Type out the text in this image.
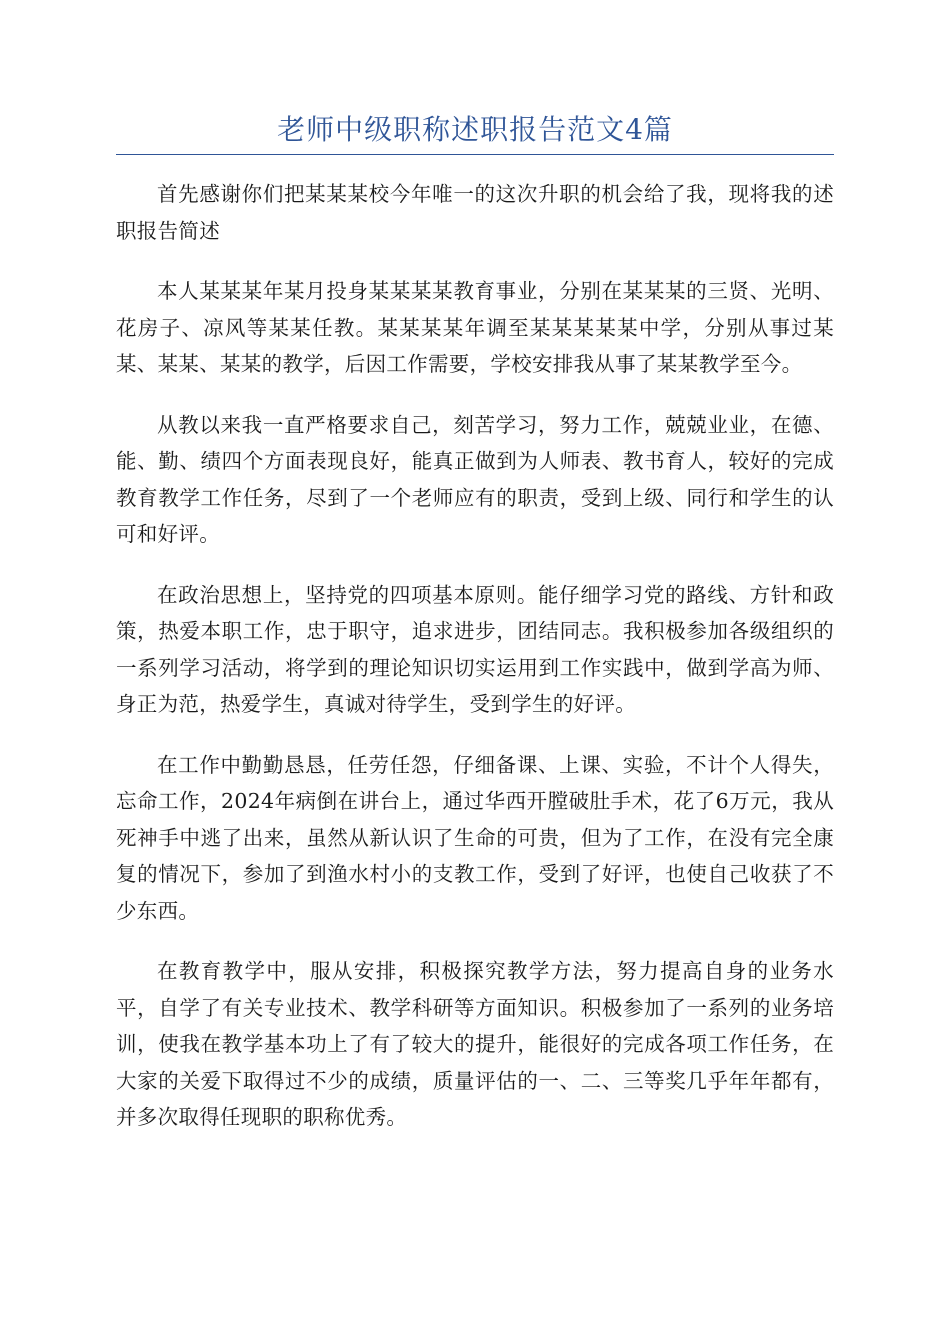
老师中级职称述职报告范文4篇

首先感谢你们把某某某校今年唯一的这次升职的机会给了我，现将我的述职报告简述

本人某某某年某月投身某某某某教育事业，分别在某某某的三贤、光明、花房子、凉风等某某任教。某某某某年调至某某某某某中学，分别从事过某某、某某、某某的教学，后因工作需要，学校安排我从事了某某教学至今。

从教以来我一直严格要求自己，刻苦学习，努力工作，兢兢业业，在德、能、勤、绩四个方面表现良好，能真正做到为人师表、教书育人，较好的完成教育教学工作任务，尽到了一个老师应有的职责，受到上级、同行和学生的认可和好评。

在政治思想上，坚持党的四项基本原则。能仔细学习党的路线、方针和政策，热爱本职工作，忠于职守，追求进步，团结同志。我积极参加各级组织的一系列学习活动，将学到的理论知识切实运用到工作实践中，做到学高为师、身正为范，热爱学生，真诚对待学生，受到学生的好评。

在工作中勤勤恳恳，任劳任怨，仔细备课、上课、实验，不计个人得失，忘命工作，2024年病倒在讲台上，通过华西开膛破肚手术，花了6万元，我从死神手中逃了出来，虽然从新认识了生命的可贵，但为了工作，在没有完全康复的情况下，参加了到渔水村小的支教工作，受到了好评，也使自己收获了不少东西。

在教育教学中，服从安排，积极探究教学方法，努力提高自身的业务水平，自学了有关专业技术、教学科研等方面知识。积极参加了一系列的业务培训，使我在教学基本功上了有了较大的提升，能很好的完成各项工作任务，在大家的关爱下取得过不少的成绩，质量评估的一、二、三等奖几乎年年都有，并多次取得任现职的职称优秀。
